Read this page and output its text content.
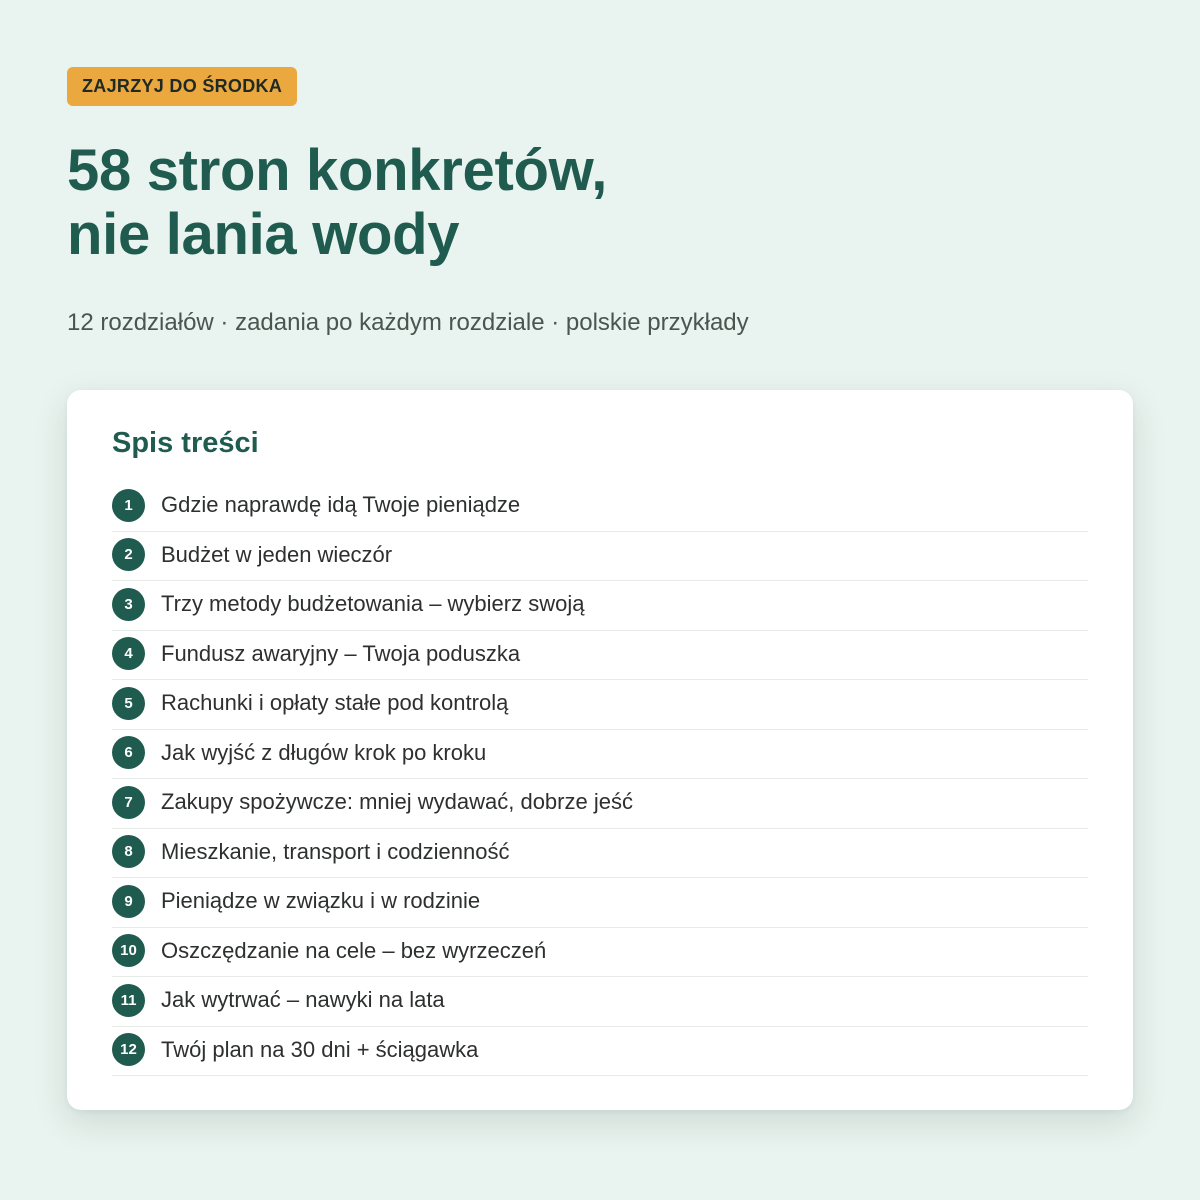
ZAJRZYJ DO ŚRODKA
58 stron konkretów,
nie lania wody
12 rozdziałów · zadania po każdym rozdziale · polskie przykłady
Spis treści
1	Gdzie naprawdę idą Twoje pieniądze
2	Budżet w jeden wieczór
3	Trzy metody budżetowania – wybierz swoją
4	Fundusz awaryjny – Twoja poduszka
5	Rachunki i opłaty stałe pod kontrolą
6	Jak wyjść z długów krok po kroku
7	Zakupy spożywcze: mniej wydawać, dobrze jeść
8	Mieszkanie, transport i codzienność
9	Pieniądze w związku i w rodzinie
10	Oszczędzanie na cele – bez wyrzeczeń
11	Jak wytrwać – nawyki na lata
12	Twój plan na 30 dni + ściągawka
